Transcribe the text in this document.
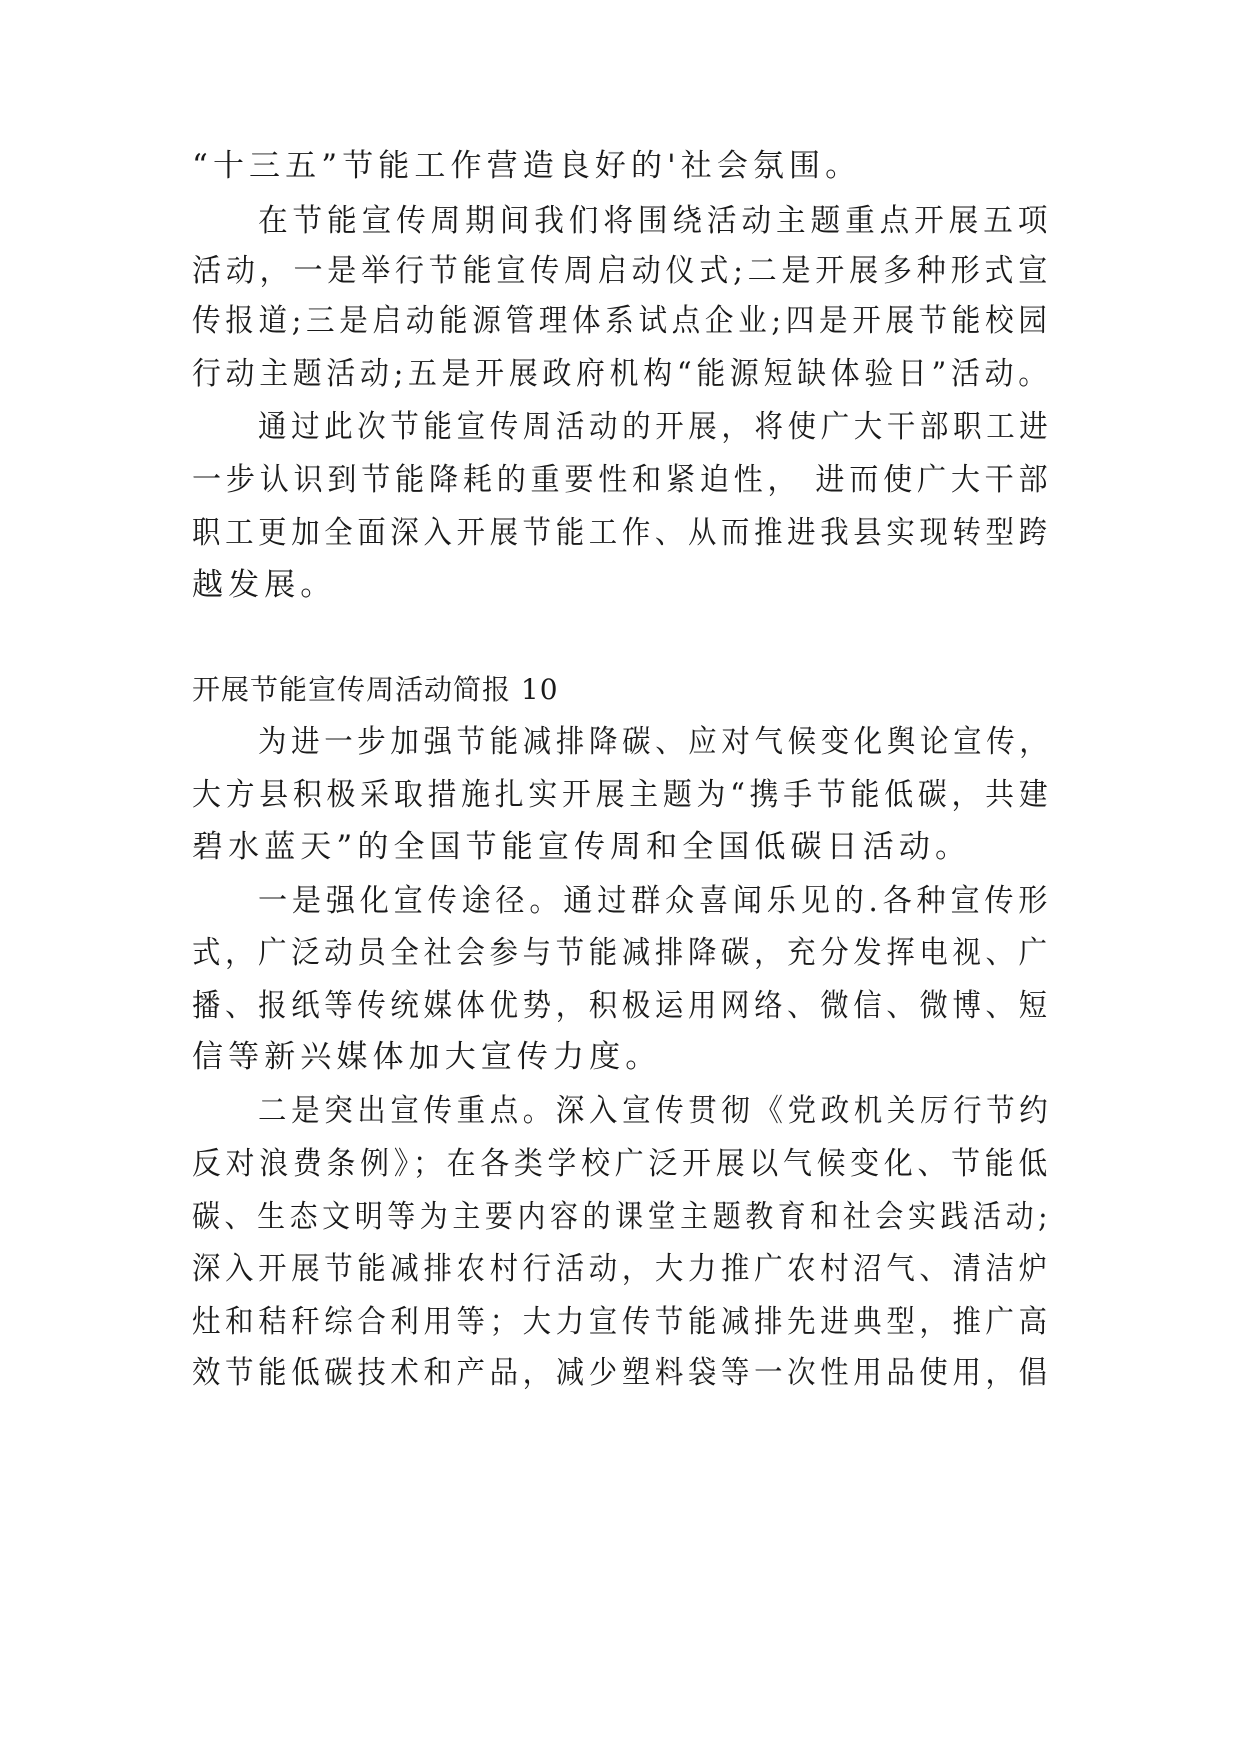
“十三五”节能工作营造良好的'社会氛围。
在节能宣传周期间我们将围绕活动主题重点开展五项
活动，一是举行节能宣传周启动仪式;二是开展多种形式宣
传报道;三是启动能源管理体系试点企业;四是开展节能校园
行动主题活动;五是开展政府机构“能源短缺体验日”活动。
通过此次节能宣传周活动的开展，将使广大干部职工进
一步认识到节能降耗的重要性和紧迫性， 进而使广大干部
职工更加全面深入开展节能工作、从而推进我县实现转型跨
越发展。
开展节能宣传周活动简报 10
为进一步加强节能减排降碳、应对气候变化舆论宣传，
大方县积极采取措施扎实开展主题为“携手节能低碳，共建
碧水蓝天”的全国节能宣传周和全国低碳日活动。
一是强化宣传途径。通过群众喜闻乐见的.各种宣传形
式，广泛动员全社会参与节能减排降碳，充分发挥电视、广
播、报纸等传统媒体优势，积极运用网络、微信、微博、短
信等新兴媒体加大宣传力度。
二是突出宣传重点。深入宣传贯彻《党政机关厉行节约
反对浪费条例》；在各类学校广泛开展以气候变化、节能低
碳、生态文明等为主要内容的课堂主题教育和社会实践活动;
深入开展节能减排农村行活动，大力推广农村沼气、清洁炉
灶和秸秆综合利用等；大力宣传节能减排先进典型，推广高
效节能低碳技术和产品，减少塑料袋等一次性用品使用，倡
